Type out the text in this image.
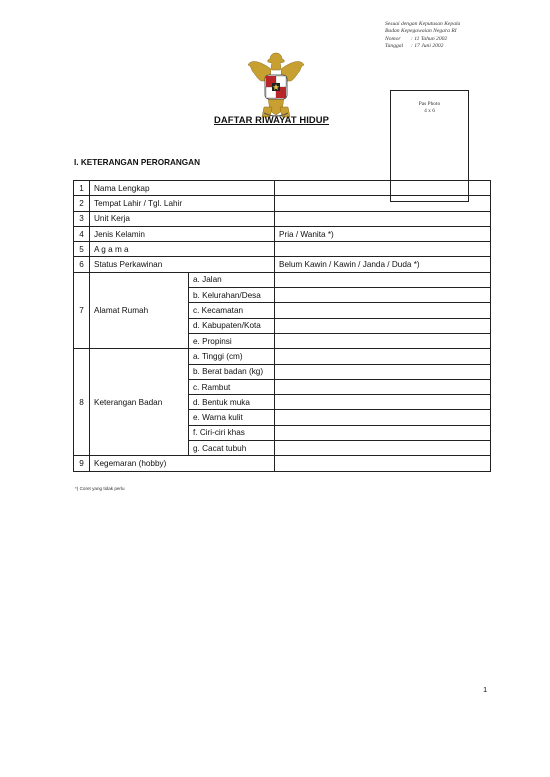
Sesuai dengan Keputusan Kepala
Badan Kepegawaian Negara RI
Nomor : 11 Tahun 2002
Tanggal : 17 Juni 2002
Pas Photo
4 x 6
DAFTAR RIWAYAT HIDUP
I. KETERANGAN PERORANGAN
1	Nama Lengkap		
2	Tempat Lahir / Tgl. Lahir		
3	Unit Kerja		
4	Jenis Kelamin		Pria / Wanita *)
5	A g a m a		
6	Status Perkawinan		Belum Kawin / Kawin / Janda / Duda *)
7	Alamat Rumah	a. Jalan	
		b. Kelurahan/Desa	
		c. Kecamatan	
		d. Kabupaten/Kota	
		e. Propinsi	
8	Keterangan Badan	a. Tinggi (cm)	
		b. Berat badan (kg)	
		c. Rambut	
		d. Bentuk muka	
		e. Warna kulit	
		f. Ciri-ciri khas	
		g. Cacat tubuh	
9	Kegemaran (hobby)		
*) Coret yang tidak perlu
1
